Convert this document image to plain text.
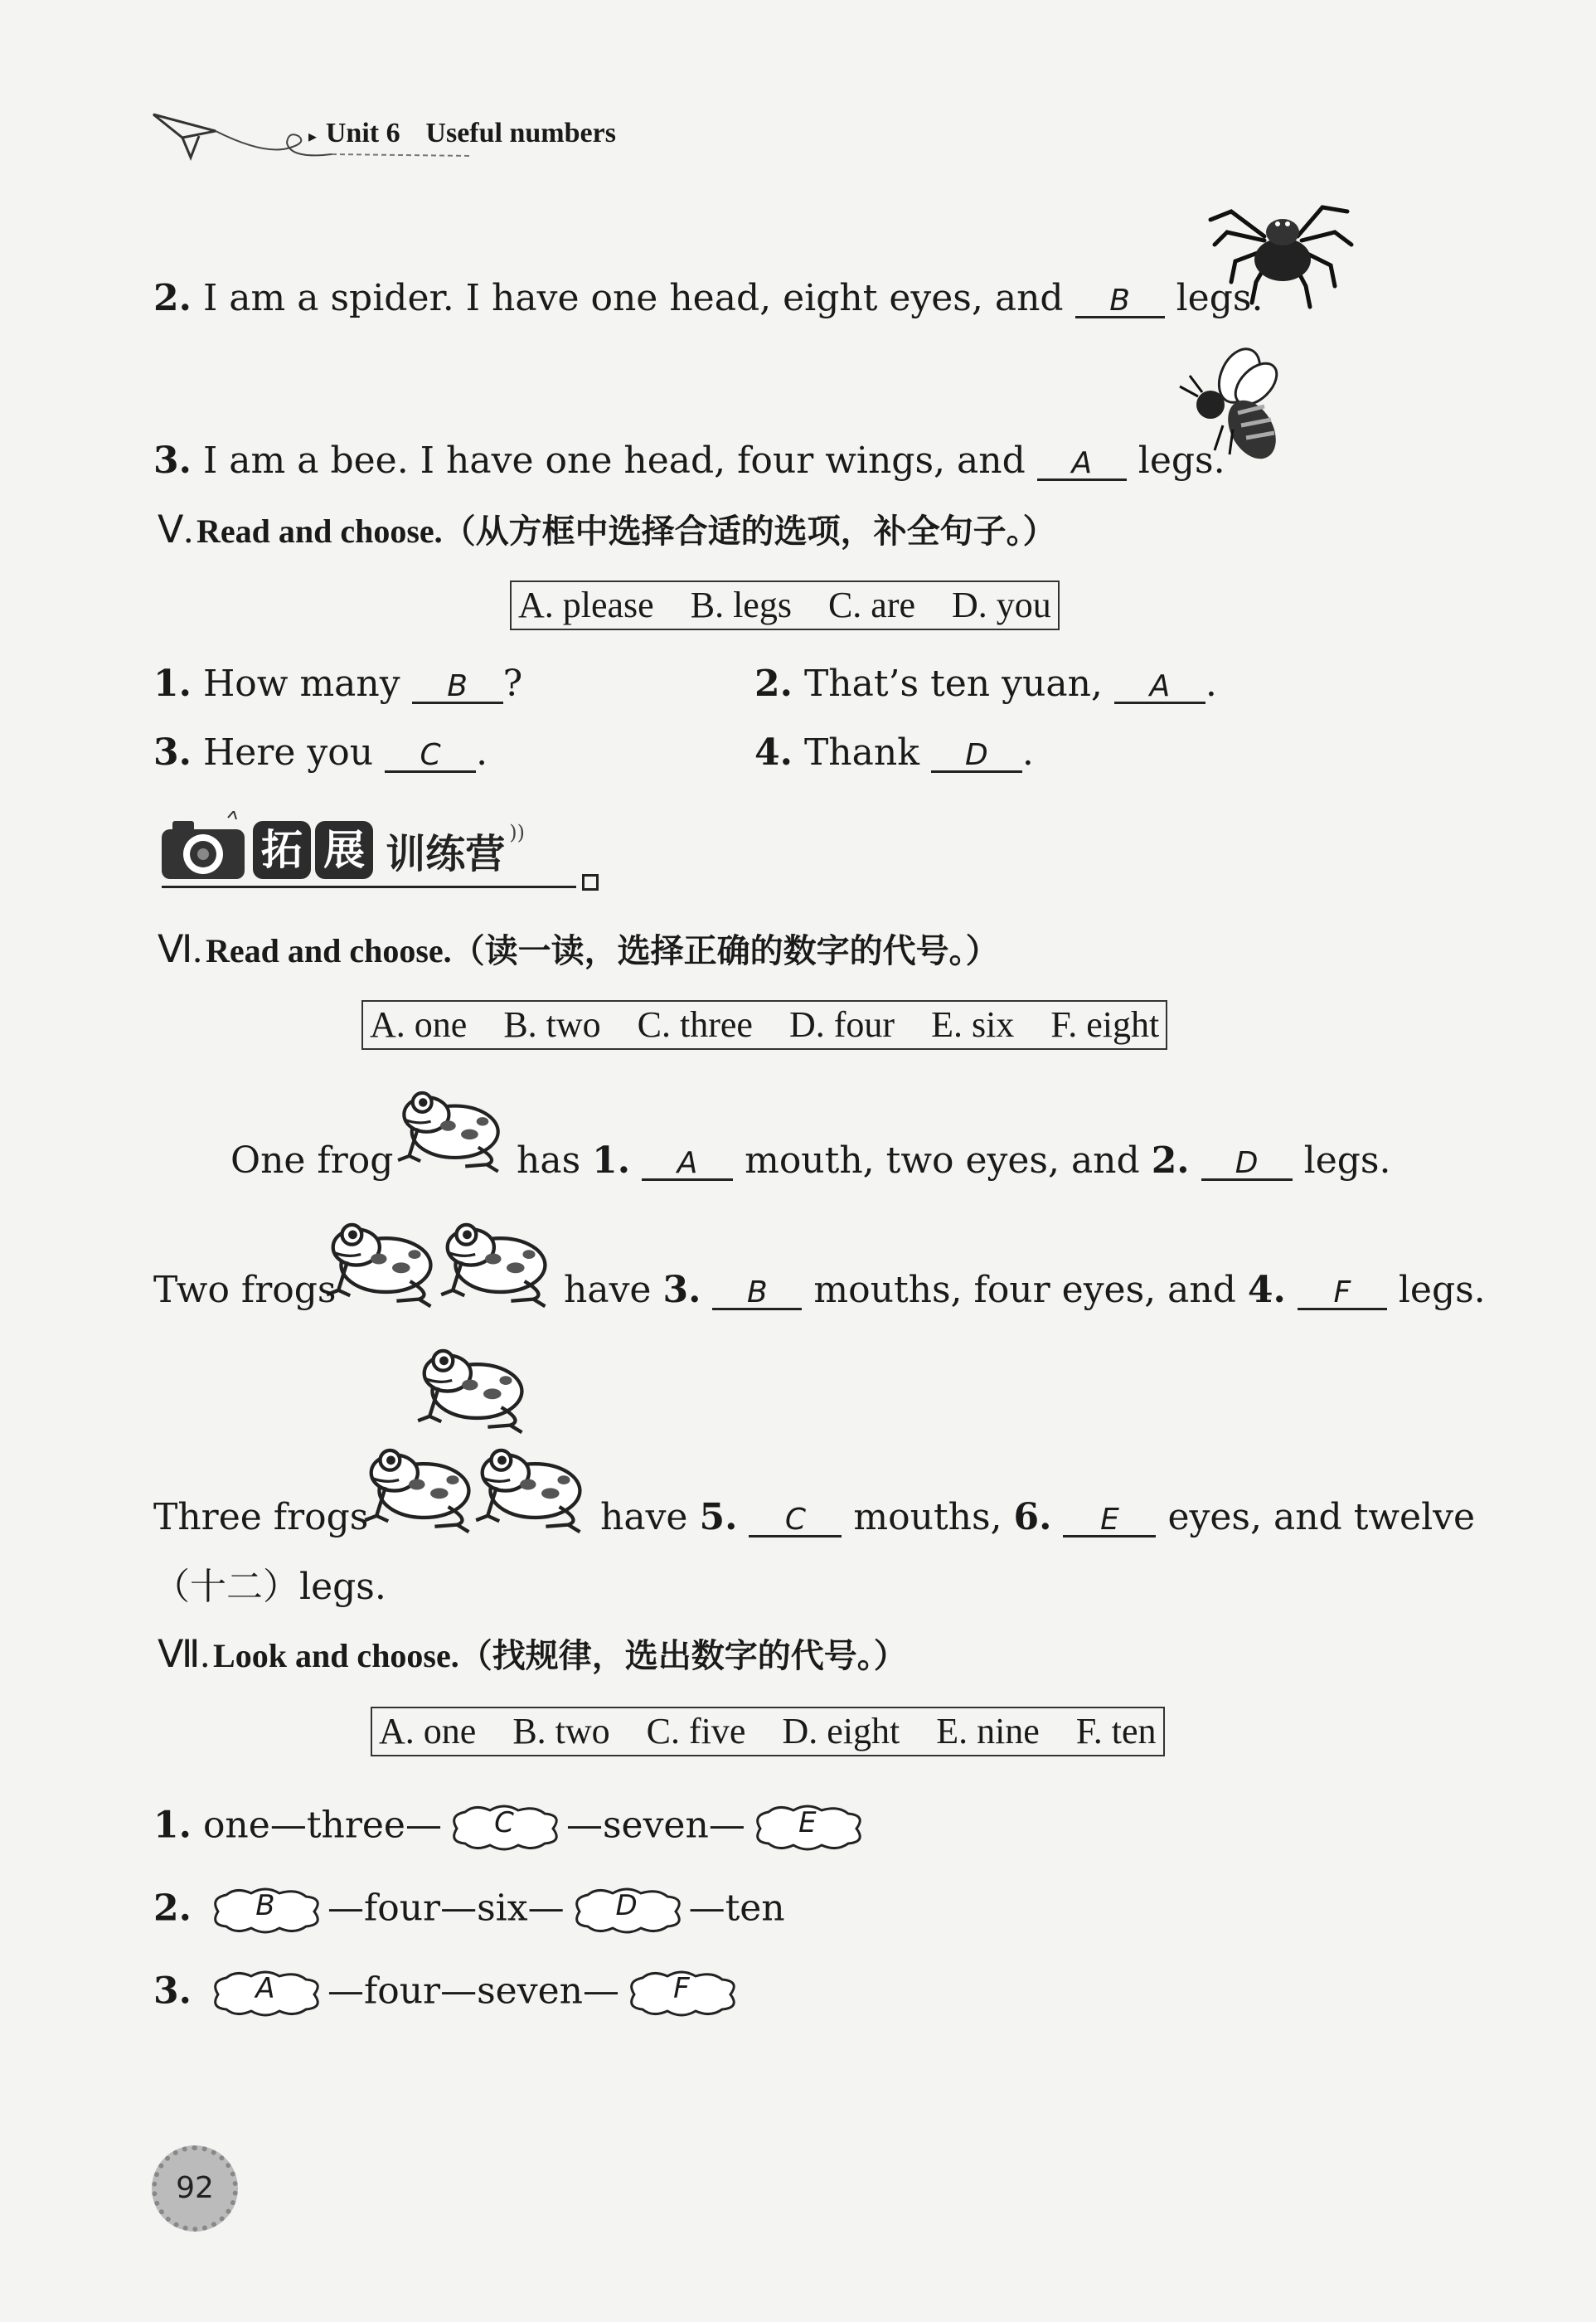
▸ Unit 6 Useful numbers
2. I am a spider. I have one head, eight eyes, and B legs.
3. I am a bee. I have one head, four wings, and A legs.
Ⅴ. Read and choose.（从方框中选择合适的选项，补全句子。）
A. please B. legs C. are D. you
1. How many B ?	2. That’s ten yuan, A .
3. Here you C .	4. Thank D .
拓 展 训练营 ))
Ⅵ. Read and choose.（读一读，选择正确的数字的代号。）
A. one B. two C. three D. four E. six F. eight
One frog	has 1. A mouth, two eyes, and 2. D legs.
Two frogs	have 3. B mouths, four eyes, and 4. F legs.
Three frogs	have 5. C mouths, 6. E eyes, and twelve
（十二）legs.
Ⅶ. Look and choose.（找规律，选出数字的代号。）
A. one B. two C. five D. eight E. nine F. ten
1. one—three—	C	—seven—	E
2.	B	—four—six—	D	—ten
3.	A	—four—seven—	F
92
